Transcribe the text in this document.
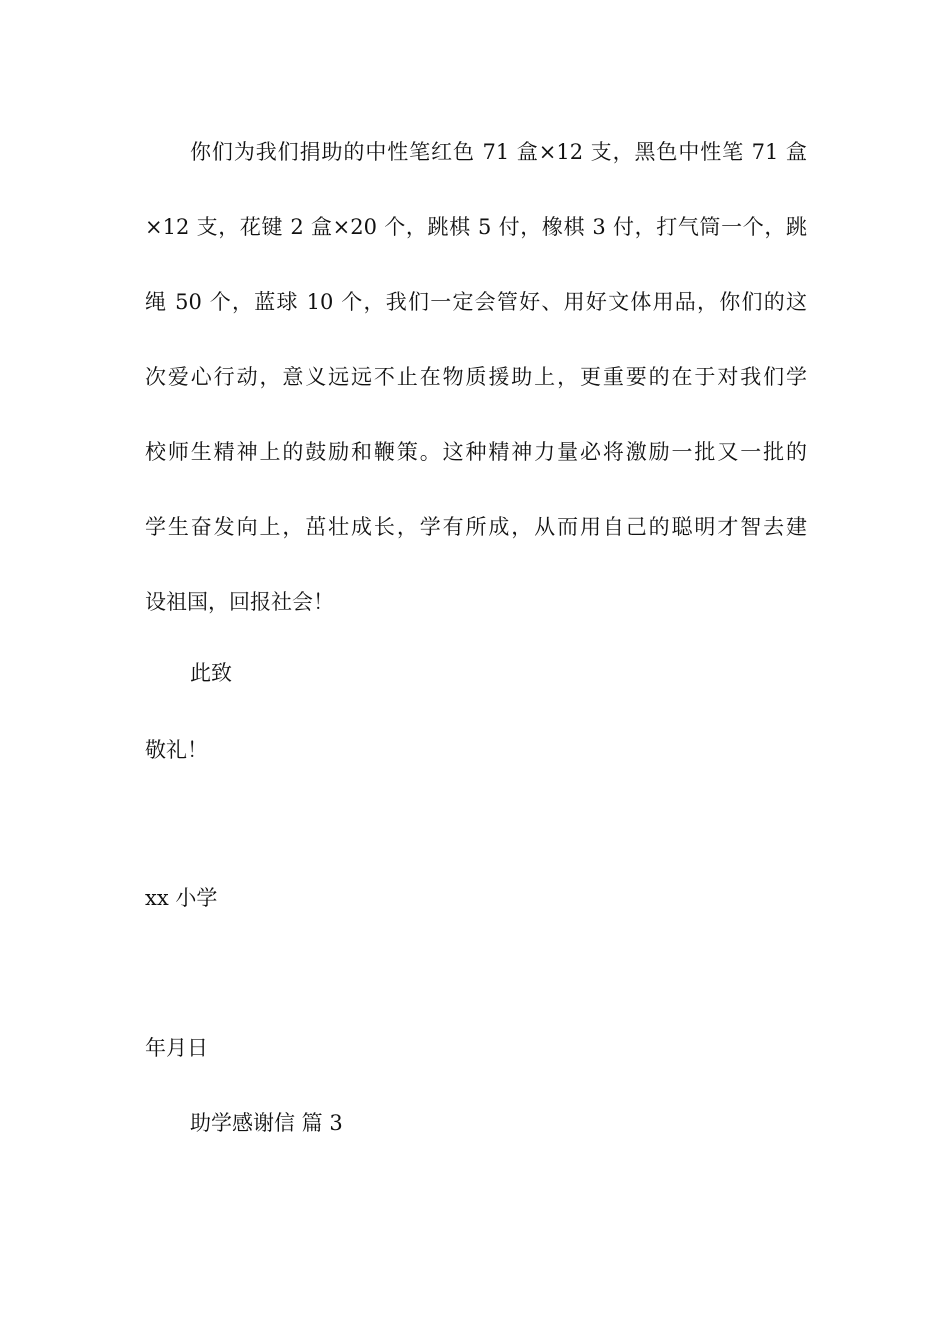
你们为我们捐助的中性笔红色 71 盒×12 支，黑色中性笔 71 盒

×12 支，花键 2 盒×20 个，跳棋 5 付，橡棋 3 付，打气筒一个，跳

绳 50 个，蓝球 10 个，我们一定会管好、用好文体用品，你们的这

次爱心行动，意义远远不止在物质援助上，更重要的在于对我们学

校师生精神上的鼓励和鞭策。这种精神力量必将激励一批又一批的

学生奋发向上，茁壮成长，学有所成，从而用自己的聪明才智去建

设祖国，回报社会！

此致

敬礼！

xx 小学

年月日

助学感谢信 篇 3
